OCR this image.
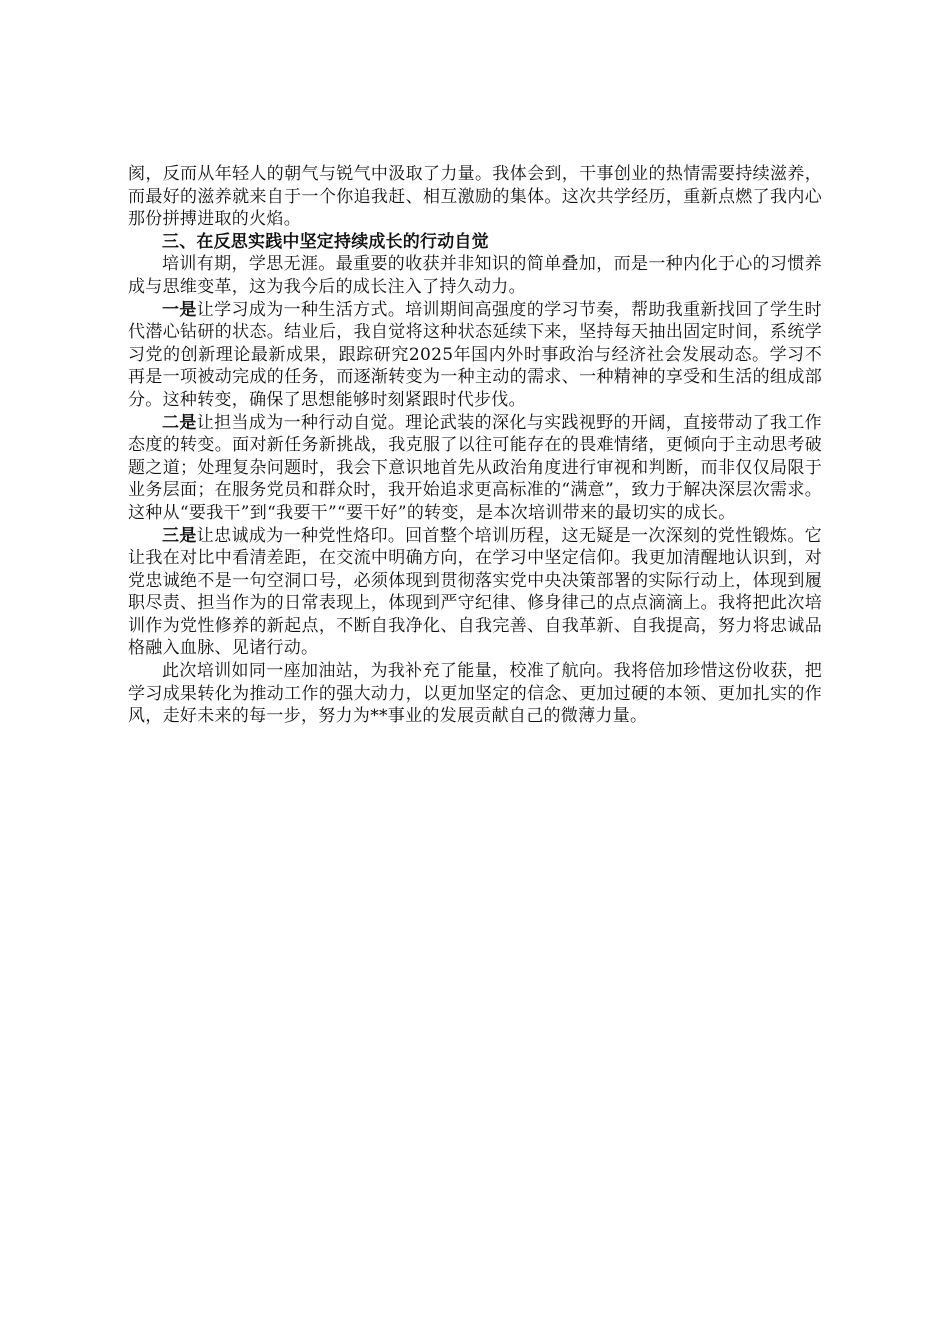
阂，反而从年轻人的朝气与锐气中汲取了力量。我体会到，干事创业的热情需要持续滋养，而最好的滋养就来自于一个你追我赶、相互激励的集体。这次共学经历，重新点燃了我内心那份拼搏进取的火焰。

三、在反思实践中坚定持续成长的行动自觉

培训有期，学思无涯。最重要的收获并非知识的简单叠加，而是一种内化于心的习惯养成与思维变革，这为我今后的成长注入了持久动力。

一是让学习成为一种生活方式。培训期间高强度的学习节奏，帮助我重新找回了学生时代潜心钻研的状态。结业后，我自觉将这种状态延续下来，坚持每天抽出固定时间，系统学习党的创新理论最新成果，跟踪研究2025年国内外时事政治与经济社会发展动态。学习不再是一项被动完成的任务，而逐渐转变为一种主动的需求、一种精神的享受和生活的组成部分。这种转变，确保了思想能够时刻紧跟时代步伐。

二是让担当成为一种行动自觉。理论武装的深化与实践视野的开阔，直接带动了我工作态度的转变。面对新任务新挑战，我克服了以往可能存在的畏难情绪，更倾向于主动思考破题之道；处理复杂问题时，我会下意识地首先从政治角度进行审视和判断，而非仅仅局限于业务层面；在服务党员和群众时，我开始追求更高标准的“满意”，致力于解决深层次需求。这种从“要我干”到“我要干”“要干好”的转变，是本次培训带来的最切实的成长。

三是让忠诚成为一种党性烙印。回首整个培训历程，这无疑是一次深刻的党性锻炼。它让我在对比中看清差距，在交流中明确方向，在学习中坚定信仰。我更加清醒地认识到，对党忠诚绝不是一句空洞口号，必须体现到贯彻落实党中央决策部署的实际行动上，体现到履职尽责、担当作为的日常表现上，体现到严守纪律、修身律己的点点滴滴上。我将把此次培训作为党性修养的新起点，不断自我净化、自我完善、自我革新、自我提高，努力将忠诚品格融入血脉、见诸行动。

此次培训如同一座加油站，为我补充了能量，校准了航向。我将倍加珍惜这份收获，把学习成果转化为推动工作的强大动力，以更加坚定的信念、更加过硬的本领、更加扎实的作风，走好未来的每一步，努力为**事业的发展贡献自己的微薄力量。
